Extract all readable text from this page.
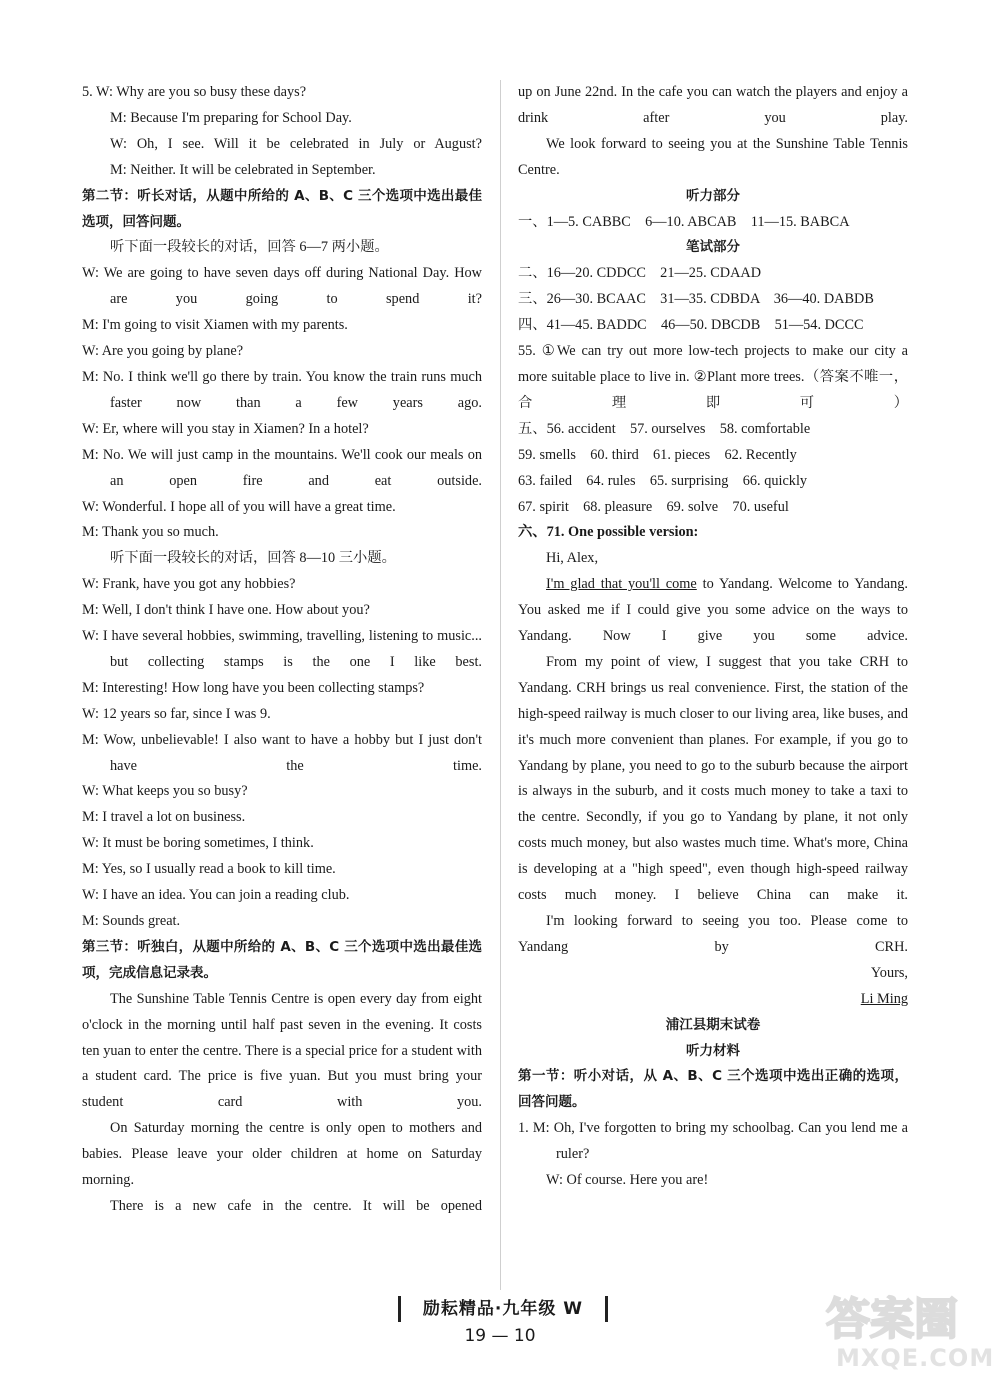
5. W: Why are you so busy these days?

M: Because I'm preparing for School Day.

W: Oh, I see. Will it be celebrated in July or August?

M: Neither. It will be celebrated in September.

第二节：听长对话，从题中所给的 A、B、C 三个选项中选出最佳选项，回答问题。

听下面一段较长的对话，回答 6—7 两小题。

W: We are going to have seven days off during National Day. How are you going to spend it?

M: I'm going to visit Xiamen with my parents.

W: Are you going by plane?

M: No. I think we'll go there by train. You know the train runs much faster now than a few years ago.

W: Er, where will you stay in Xiamen? In a hotel?

M: No. We will just camp in the mountains. We'll cook our meals on an open fire and eat outside.

W: Wonderful. I hope all of you will have a great time.

M: Thank you so much.

听下面一段较长的对话，回答 8—10 三小题。

W: Frank, have you got any hobbies?

M: Well, I don't think I have one. How about you?

W: I have several hobbies, swimming, travelling, listening to music... but collecting stamps is the one I like best.

M: Interesting! How long have you been collecting stamps?

W: 12 years so far, since I was 9.

M: Wow, unbelievable! I also want to have a hobby but I just don't have the time.

W: What keeps you so busy?

M: I travel a lot on business.

W: It must be boring sometimes, I think.

M: Yes, so I usually read a book to kill time.

W: I have an idea. You can join a reading club.

M: Sounds great.

第三节：听独白，从题中所给的 A、B、C 三个选项中选出最佳选项，完成信息记录表。

The Sunshine Table Tennis Centre is open every day from eight o'clock in the morning until half past seven in the evening. It costs ten yuan to enter the centre. There is a special price for a student with a student card. The price is five yuan. But you must bring your student card with you.

On Saturday morning the centre is only open to mothers and babies. Please leave your older children at home on Saturday morning.

There is a new cafe in the centre. It will be opened

up on June 22nd. In the cafe you can watch the players and enjoy a drink after you play.

We look forward to seeing you at the Sunshine Table Tennis Centre.

听力部分

一、1—5. CABBC　6—10. ABCAB　11—15. BABCA

笔试部分

二、16—20. CDDCC　21—25. CDAAD

三、26—30. BCAAC　31—35. CDBDA　36—40. DABDB

四、41—45. BADDC　46—50. DBCDB　51—54. DCCC

55. ①We can try out more low-tech projects to make our city a more suitable place to live in. ②Plant more trees.（答案不唯一，合理即可）

五、56. accident　57. ourselves　58. comfortable

59. smells　60. third　61. pieces　62. Recently

63. failed　64. rules　65. surprising　66. quickly

67. spirit　68. pleasure　69. solve　70. useful

六、71. One possible version:

Hi, Alex,

I'm glad that you'll come to Yandang. Welcome to Yandang. You asked me if I could give you some advice on the ways to Yandang. Now I give you some advice.

From my point of view, I suggest that you take CRH to Yandang. CRH brings us real convenience. First, the station of the high-speed railway is much closer to our living area, like buses, and it's much more convenient than planes. For example, if you go to Yandang by plane, you need to go to the suburb because the airport is always in the suburb, and it costs much money to take a taxi to the centre. Secondly, if you go to Yandang by plane, it not only costs much money, but also wastes much time. What's more, China is developing at a "high speed", even though high-speed railway costs much money. I believe China can make it.

I'm looking forward to seeing you too. Please come to Yandang by CRH.

Yours,

Li Ming

浦江县期末试卷

听力材料

第一节：听小对话，从 A、B、C 三个选项中选出正确的选项，回答问题。

1. M: Oh, I've forgotten to bring my schoolbag. Can you lend me a ruler?

W: Of course. Here you are!

励耘精品·九年级 W
19 — 10	答案圈
MXQE.COM
